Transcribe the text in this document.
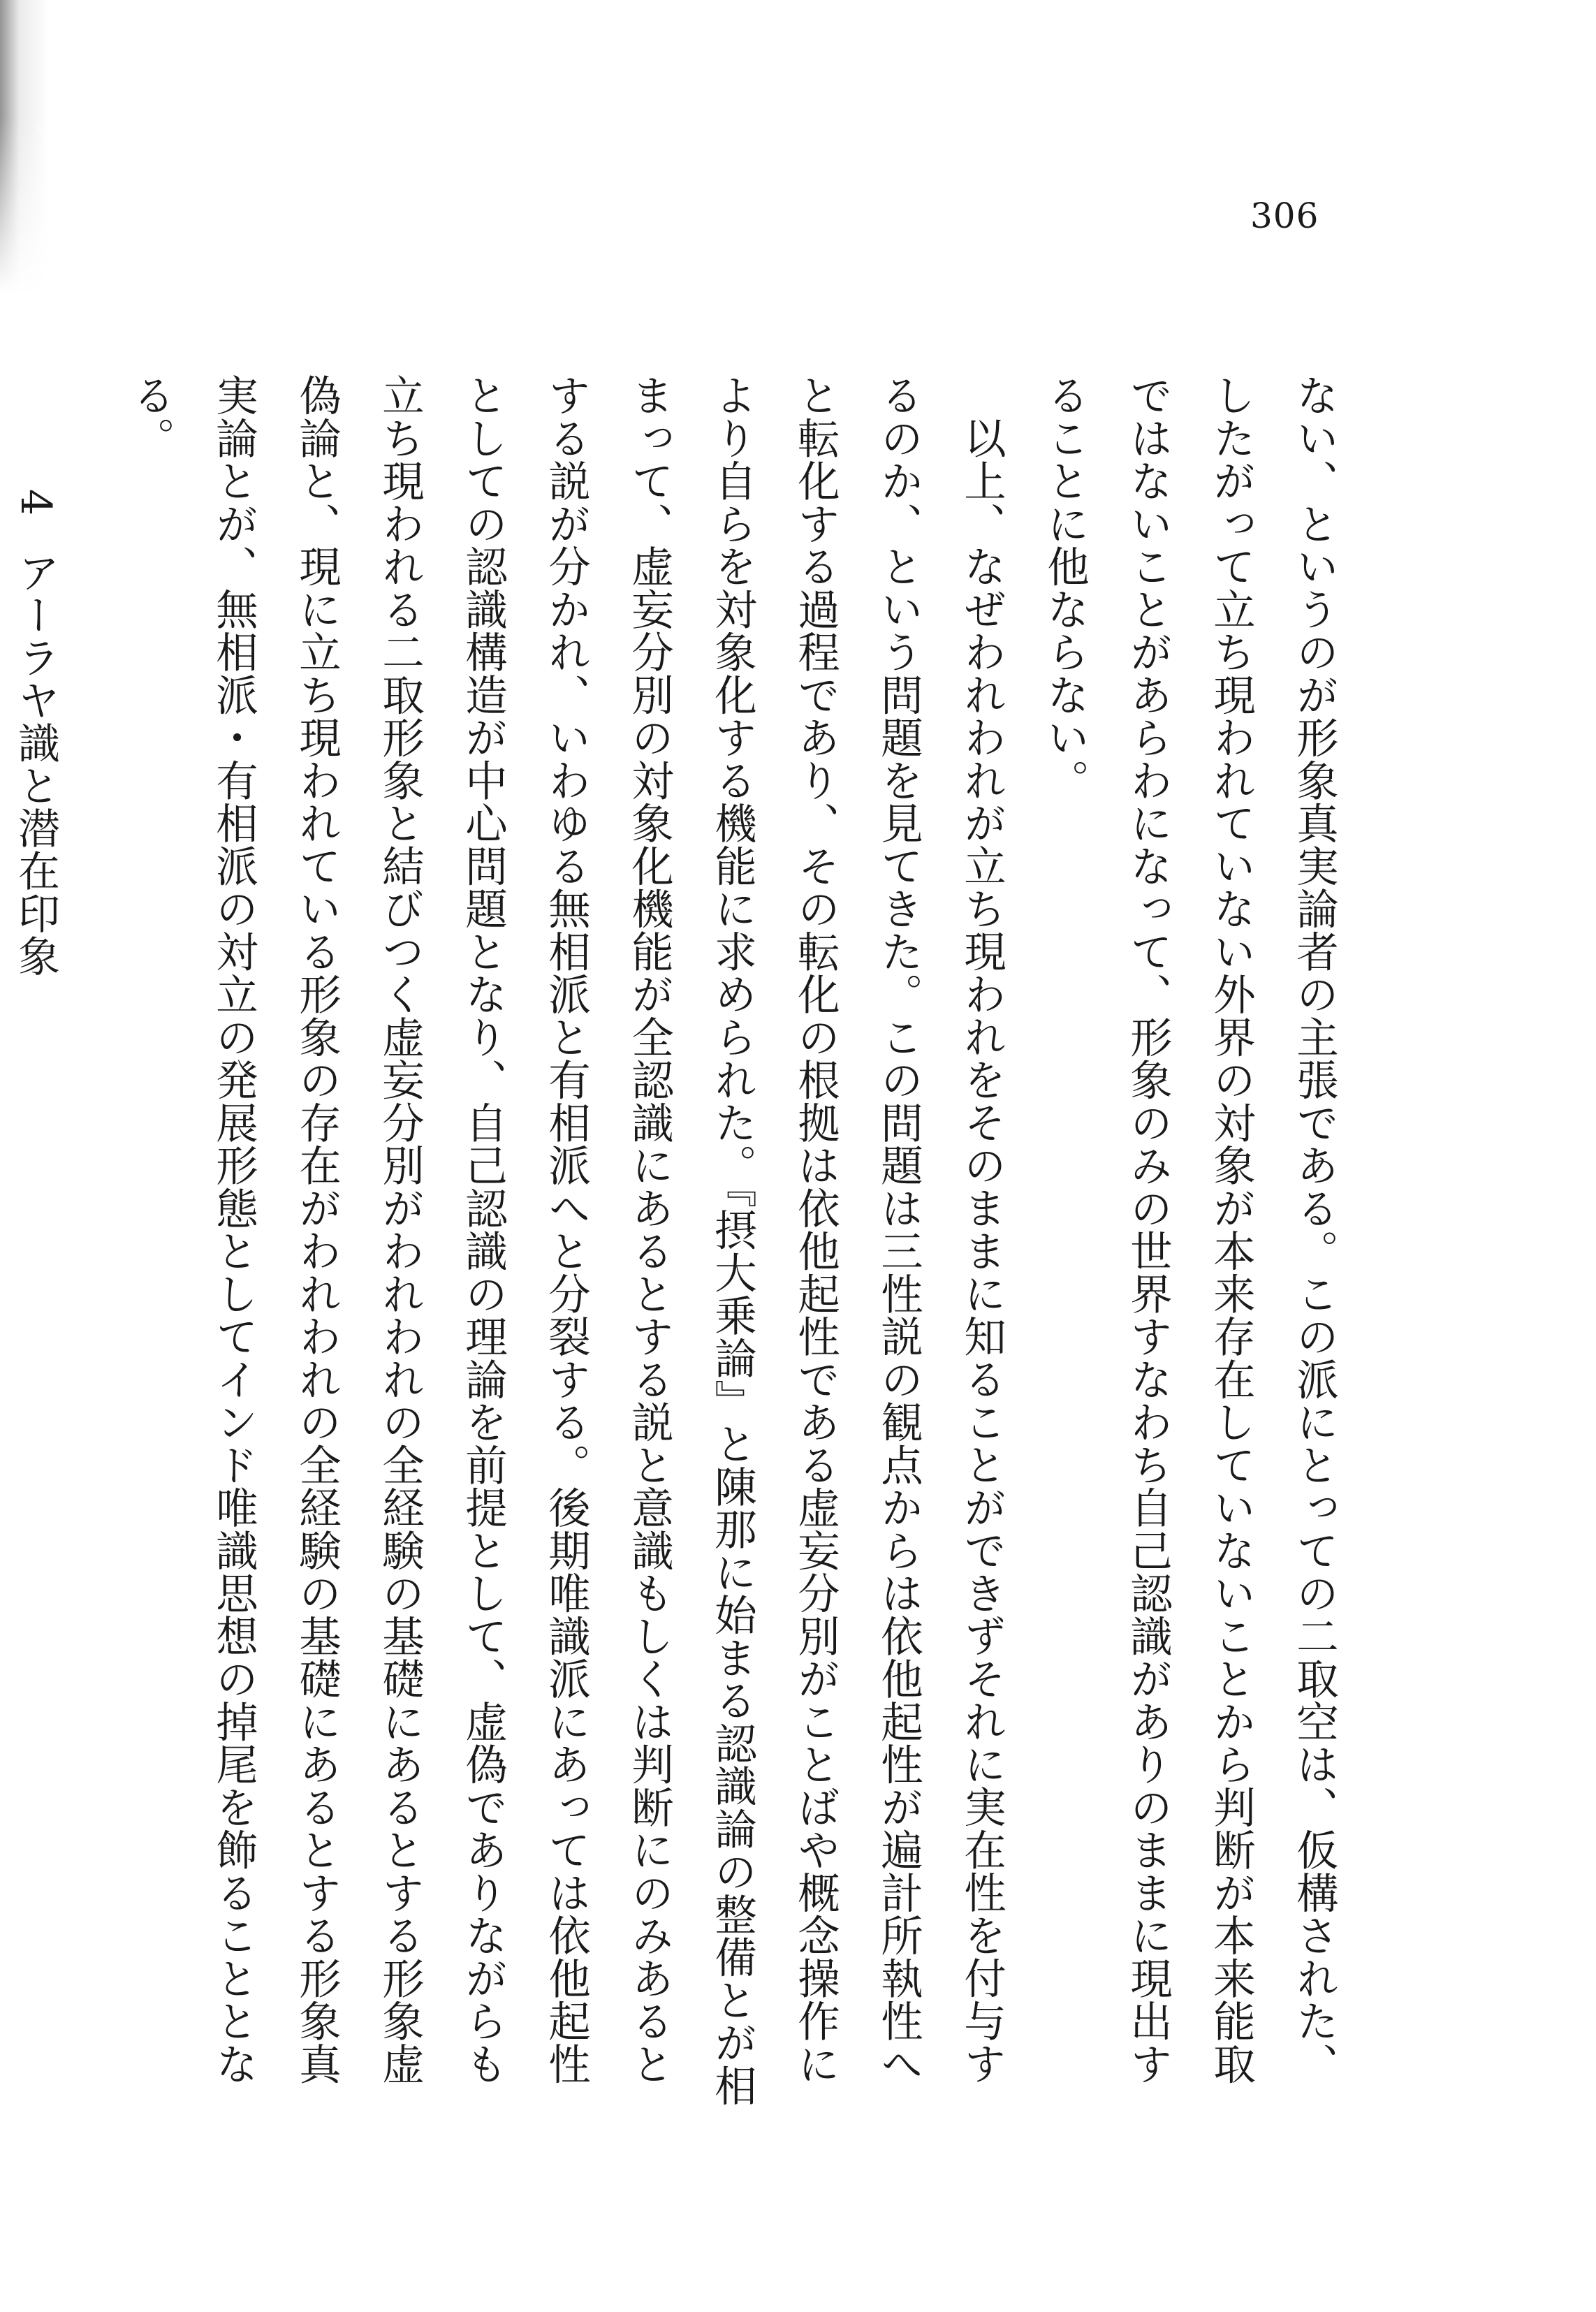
306

ない、というのが形象真実論者の主張である。この派にとっての二取空は、仮構された、したがって立ち現われていない外界の対象が本来存在していないことから判断が本来能取ではないことがあらわになって、形象のみの世界すなわち自己認識がありのままに現出することに他ならない。

以上、なぜわれわれが立ち現われをそのままに知ることができずそれに実在性を付与するのか、という問題を見てきた。この問題は三性説の観点からは依他起性が遍計所執性へと転化する過程であり、その転化の根拠は依他起性である虚妄分別がことばや概念操作により自らを対象化する機能に求められた。『摂大乗論』と陳那に始まる認識論の整備とが相まって、虚妄分別の対象化機能が全認識にあるとする説と意識もしくは判断にのみあるとする説が分かれ、いわゆる無相派と有相派へと分裂する。後期唯識派にあっては依他起性としての認識構造が中心問題となり、自己認識の理論を前提として、虚偽でありながらも立ち現われる二取形象と結びつく虚妄分別がわれわれの全経験の基礎にあるとする形象虚偽論と、現に立ち現われている形象の存在がわれわれの全経験の基礎にあるとする形象真実論とが、無相派・有相派の対立の発展形態としてインド唯識思想の掉尾を飾ることとなる。

4アーラヤ識と潜在印象
